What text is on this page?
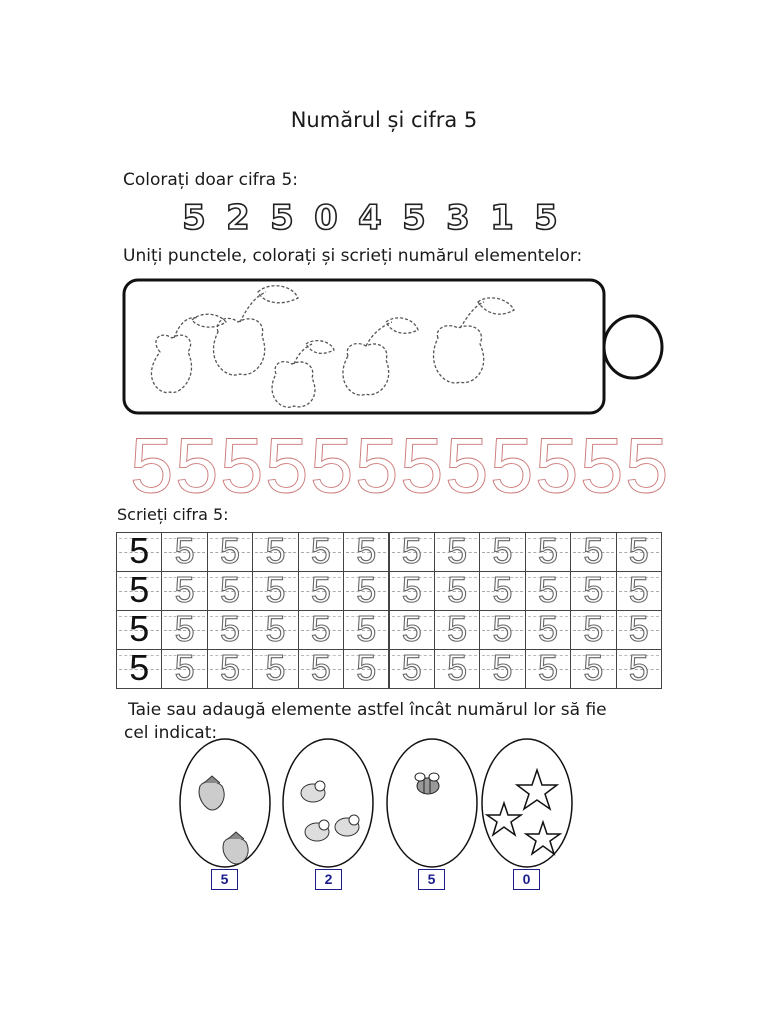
Numărul și cifra 5
Colorați doar cifra 5:
5 2 5 0 4 5 3 1 5
Uniți punctele, colorați și scrieți numărul elementelor:
5 5 5 5 5 5 5 5 5 5 5 5
Scrieți cifra 5:
5 5 5 5 5 5 5 5 5 5 5 5
5 5 5 5 5 5 5 5 5 5 5 5
5 5 5 5 5 5 5 5 5 5 5 5
5 5 5 5 5 5 5 5 5 5 5 5
Taie sau adaugă elemente astfel încât numărul lor să fie
cel indicat:
5	2	5	0
